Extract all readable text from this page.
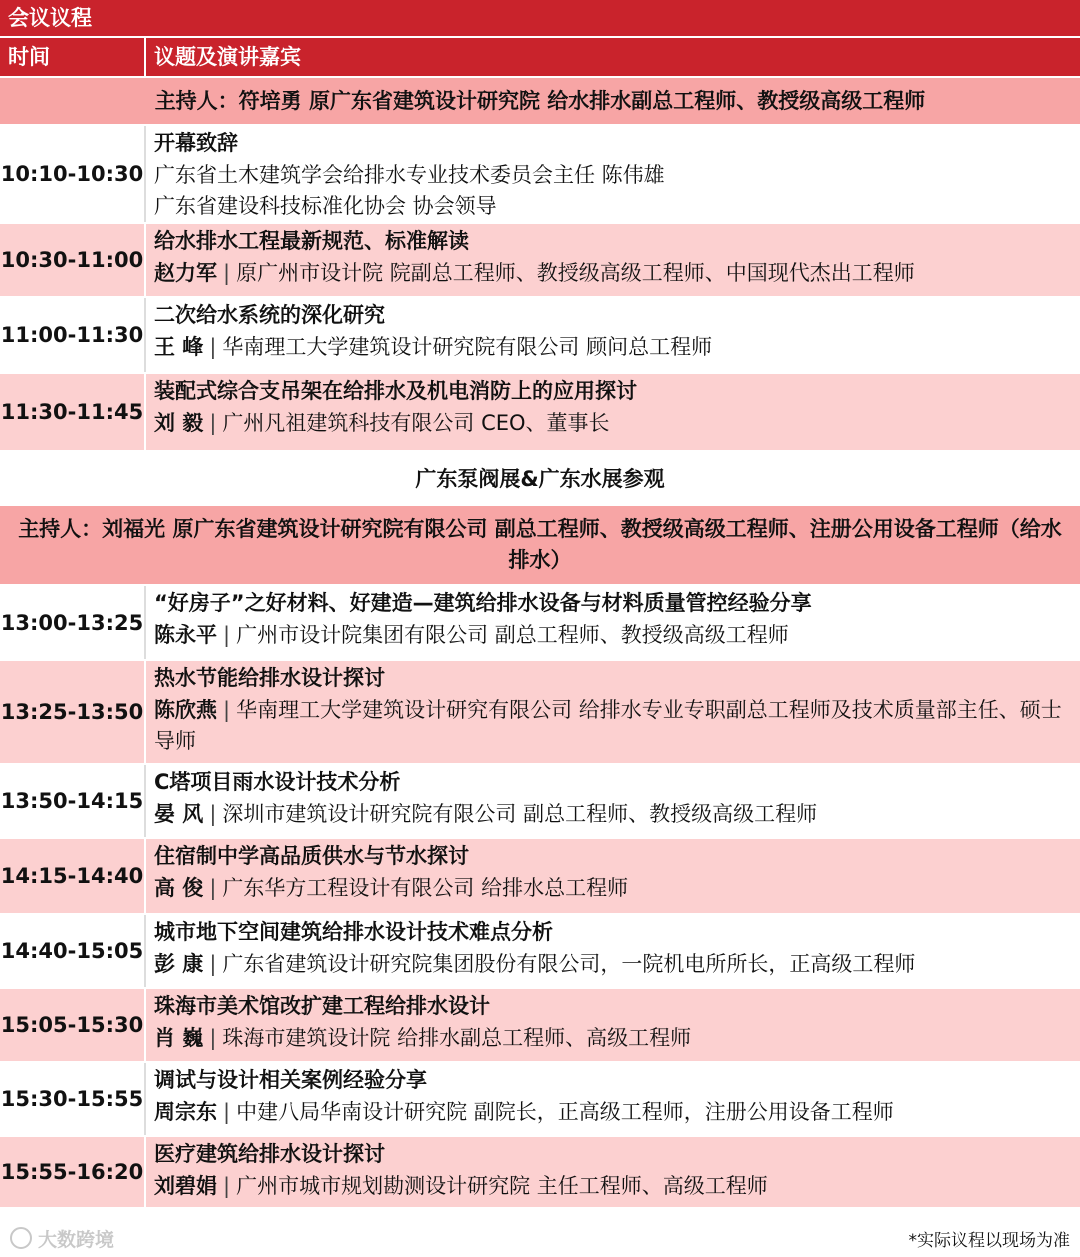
会议议程
时间	议题及演讲嘉宾
主持人：符培勇 原广东省建筑设计研究院 给水排水副总工程师、教授级高级工程师
10:10-10:30
开幕致辞
广东省土木建筑学会给排水专业技术委员会主任 陈伟雄
广东省建设科技标准化协会 协会领导
10:30-11:00
给水排水工程最新规范、标准解读
赵力军 | 原广州市设计院 院副总工程师、教授级高级工程师、中国现代杰出工程师
11:00-11:30
二次给水系统的深化研究
王 峰 | 华南理工大学建筑设计研究院有限公司 顾问总工程师
11:30-11:45
装配式综合支吊架在给排水及机电消防上的应用探讨
刘 毅 | 广州凡祖建筑科技有限公司 CEO、董事长
广东泵阀展&广东水展参观
主持人：刘福光 原广东省建筑设计研究院有限公司 副总工程师、教授级高级工程师、注册公用设备工程师（给水排水）
13:00-13:25
“好房子”之好材料、好建造—建筑给排水设备与材料质量管控经验分享
陈永平 | 广州市设计院集团有限公司 副总工程师、教授级高级工程师
13:25-13:50
热水节能给排水设计探讨
陈欣燕 | 华南理工大学建筑设计研究有限公司 给排水专业专职副总工程师及技术质量部主任、硕士导师
13:50-14:15
C塔项目雨水设计技术分析
晏 风 | 深圳市建筑设计研究院有限公司 副总工程师、教授级高级工程师
14:15-14:40
住宿制中学高品质供水与节水探讨
高 俊 | 广东华方工程设计有限公司 给排水总工程师
14:40-15:05
城市地下空间建筑给排水设计技术难点分析
彭 康 | 广东省建筑设计研究院集团股份有限公司，一院机电所所长，正高级工程师
15:05-15:30
珠海市美术馆改扩建工程给排水设计
肖 巍 | 珠海市建筑设计院 给排水副总工程师、高级工程师
15:30-15:55
调试与设计相关案例经验分享
周宗东 | 中建八局华南设计研究院 副院长，正高级工程师，注册公用设备工程师
15:55-16:20
医疗建筑给排水设计探讨
刘碧娟 | 广州市城市规划勘测设计研究院 主任工程师、高级工程师
大数跨境	*实际议程以现场为准
